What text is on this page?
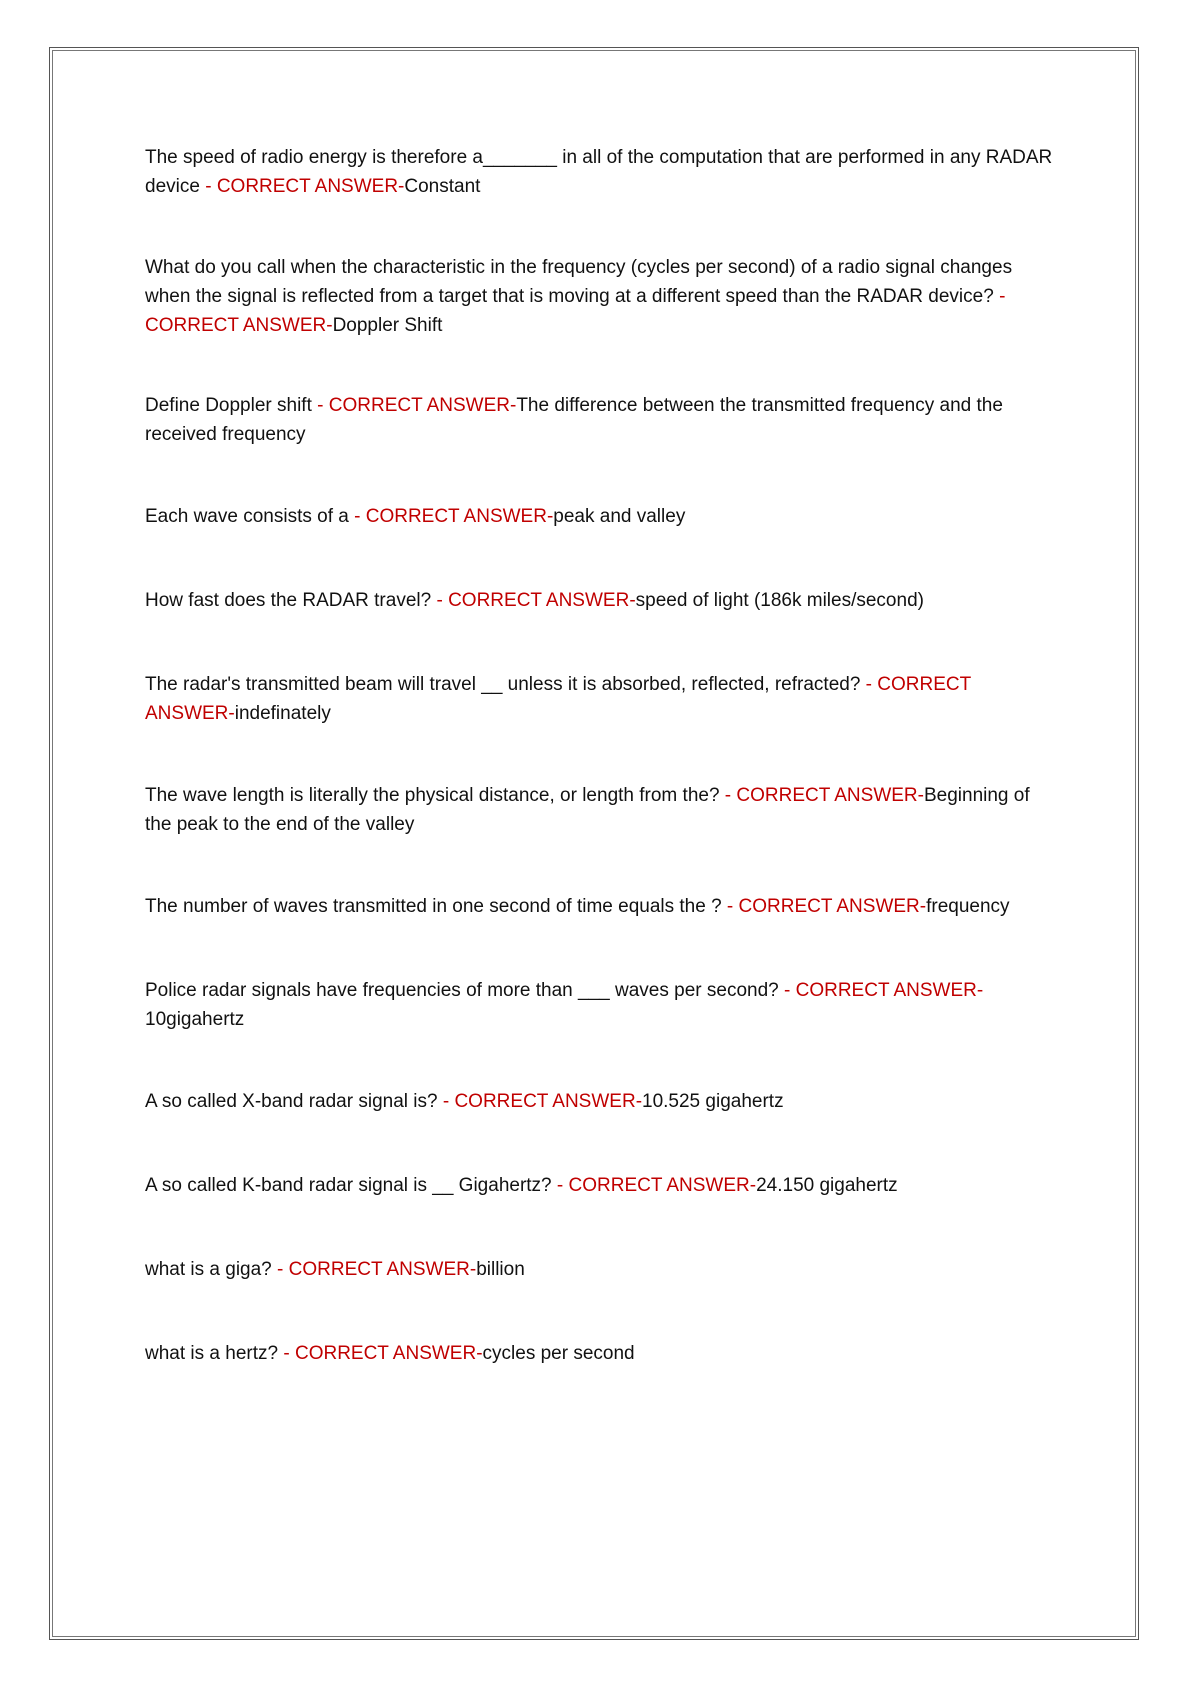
The speed of radio energy is therefore a_______ in all of the computation that are performed in any RADAR device - CORRECT ANSWER-Constant

What do you call when the characteristic in the frequency (cycles per second) of a radio signal changes when the signal is reflected from a target that is moving at a different speed than the RADAR device? - CORRECT ANSWER-Doppler Shift

Define Doppler shift - CORRECT ANSWER-The difference between the transmitted frequency and the received frequency

Each wave consists of a - CORRECT ANSWER-peak and valley

How fast does the RADAR travel? - CORRECT ANSWER-speed of light (186k miles/second)

The radar's transmitted beam will travel __ unless it is absorbed, reflected, refracted? - CORRECT ANSWER-indefinately

The wave length is literally the physical distance, or length from the? - CORRECT ANSWER-Beginning of the peak to the end of the valley

The number of waves transmitted in one second of time equals the ? - CORRECT ANSWER-frequency

Police radar signals have frequencies of more than ___ waves per second? - CORRECT ANSWER-10gigahertz

A so called X-band radar signal is? - CORRECT ANSWER-10.525 gigahertz

A so called K-band radar signal is __ Gigahertz? - CORRECT ANSWER-24.150 gigahertz

what is a giga? - CORRECT ANSWER-billion

what is a hertz? - CORRECT ANSWER-cycles per second
